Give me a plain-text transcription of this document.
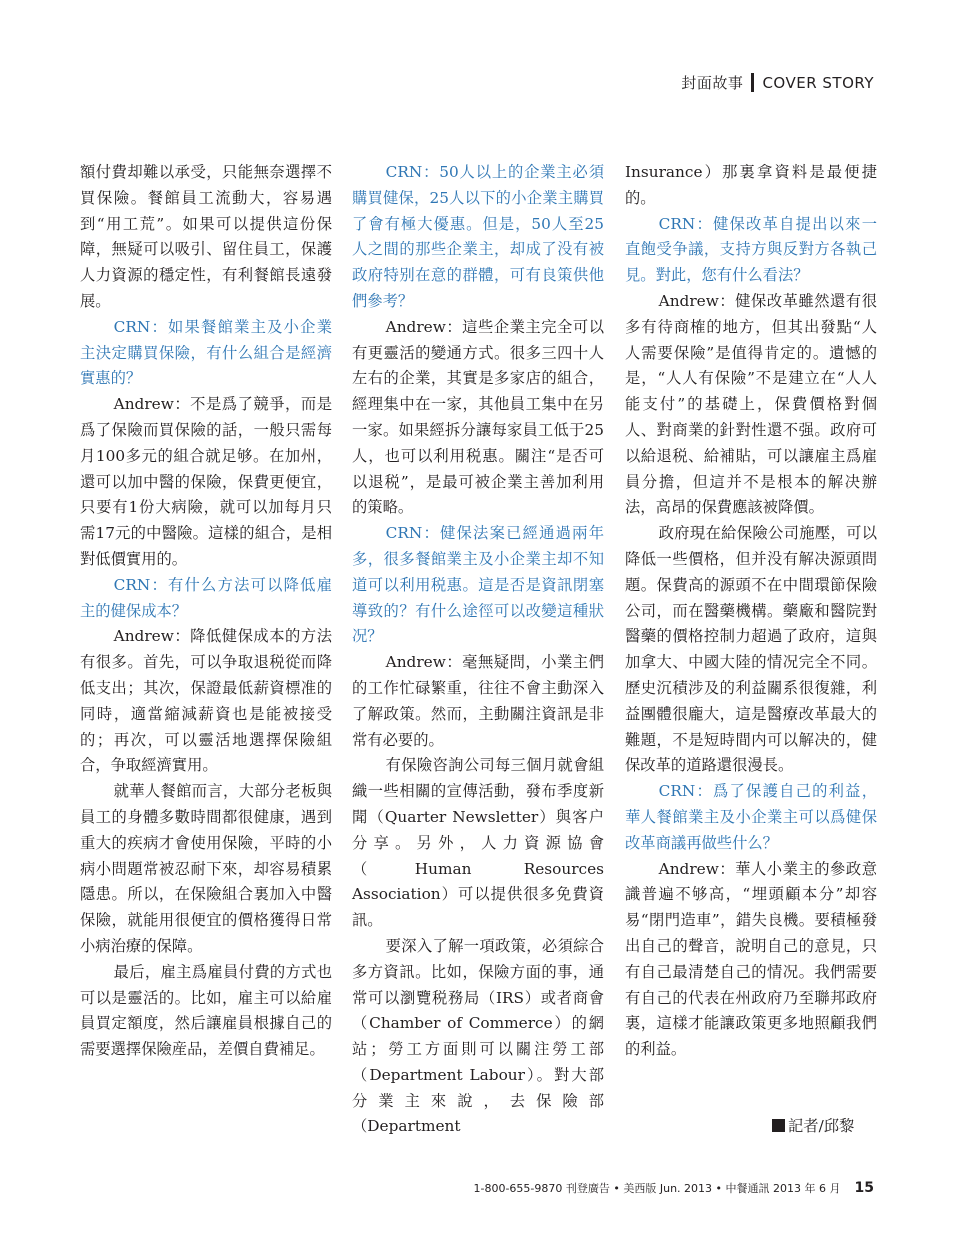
封面故事 COVER STORY

額付費却難以承受，只能無奈選擇不買保險。餐館員工流動大，容易遇到“用工荒”。如果可以提供這份保障，無疑可以吸引、留住員工，保護人力資源的穩定性，有利餐館長遠發展。

CRN：如果餐館業主及小企業主決定購買保險，有什么組合是經濟實惠的？

Andrew：不是爲了競爭，而是爲了保險而買保險的話，一般只需每月100多元的組合就足够。在加州，還可以加中醫的保險，保費更便宜，只要有1份大病險，就可以加每月只需17元的中醫險。這樣的組合，是相對低價實用的。

CRN：有什么方法可以降低雇主的健保成本？

Andrew：降低健保成本的方法有很多。首先，可以争取退税從而降低支出；其次，保證最低薪資標准的同時，適當縮減薪資也是能被接受的；再次，可以靈活地選擇保險組合，争取經濟實用。

就華人餐館而言，大部分老板與員工的身體多數時間都很健康，遇到重大的疾病才會使用保險，平時的小病小問題常被忍耐下來，却容易積累隱患。所以，在保險組合裏加入中醫保險，就能用很便宜的價格獲得日常小病治療的保障。

最后，雇主爲雇員付費的方式也可以是靈活的。比如，雇主可以給雇員買定額度，然后讓雇員根據自己的需要選擇保險産品，差價自費補足。

CRN：50人以上的企業主必須購買健保，25人以下的小企業主購買了會有極大優惠。但是，50人至25人之間的那些企業主，却成了没有被政府特别在意的群體，可有良策供他們參考？

Andrew：這些企業主完全可以有更靈活的變通方式。很多三四十人左右的企業，其實是多家店的組合，經理集中在一家，其他員工集中在另一家。如果經拆分讓每家員工低于25人，也可以利用税惠。關注“是否可以退税”，是最可被企業主善加利用的策略。

CRN：健保法案已經通過兩年多，很多餐館業主及小企業主却不知道可以利用税惠。這是否是資訊閉塞導致的？有什么途徑可以改變這種狀况？

Andrew：毫無疑問，小業主們的工作忙碌繁重，往往不會主動深入了解政策。然而，主動關注資訊是非常有必要的。

有保險咨詢公司每三個月就會組織一些相關的宣傳活動，發布季度新聞（Quarter Newsletter）與客户分享。另外，人力資源協會（Human Resources Association）可以提供很多免費資訊。

要深入了解一項政策，必須綜合多方資訊。比如，保險方面的事，通常可以瀏覽税務局（IRS）或者商會（Chamber of Commerce）的網站；勞工方面則可以關注勞工部（Department Labour）。對大部分業主來說，去保險部（Department

Insurance）那裏拿資料是最便捷的。

CRN：健保改革自提出以來一直飽受争議，支持方與反對方各執己見。對此，您有什么看法？

Andrew：健保改革雖然還有很多有待商榷的地方，但其出發點“人人需要保險”是值得肯定的。遺憾的是，“人人有保險”不是建立在“人人能支付”的基礎上，保費價格對個人、對商業的針對性還不强。政府可以給退税、給補貼，可以讓雇主爲雇員分擔，但這并不是根本的解决辦法，高昂的保費應該被降價。

政府現在給保險公司施壓，可以降低一些價格，但并没有解决源頭問題。保費高的源頭不在中間環節保險公司，而在醫藥機構。藥廠和醫院對醫藥的價格控制力超過了政府，這與加拿大、中國大陸的情况完全不同。歷史沉積涉及的利益關系很復雜，利益團體很龐大，這是醫療改革最大的難題，不是短時間内可以解决的，健保改革的道路還很漫長。

CRN：爲了保護自己的利益，華人餐館業主及小企業主可以爲健保改革商議再做些什么？

Andrew：華人小業主的參政意識普遍不够高，“埋頭顧本分”却容易“閉門造車”，錯失良機。要積極發出自己的聲音，說明自己的意見，只有自己最清楚自己的情况。我們需要有自己的代表在州政府乃至聯邦政府裏，這樣才能讓政策更多地照顧我們的利益。

記者/邱黎
1-800-655-9870 刊登廣告 • 美西版 Jun. 2013 • 中餐通訊 2013 年 6 月 15
